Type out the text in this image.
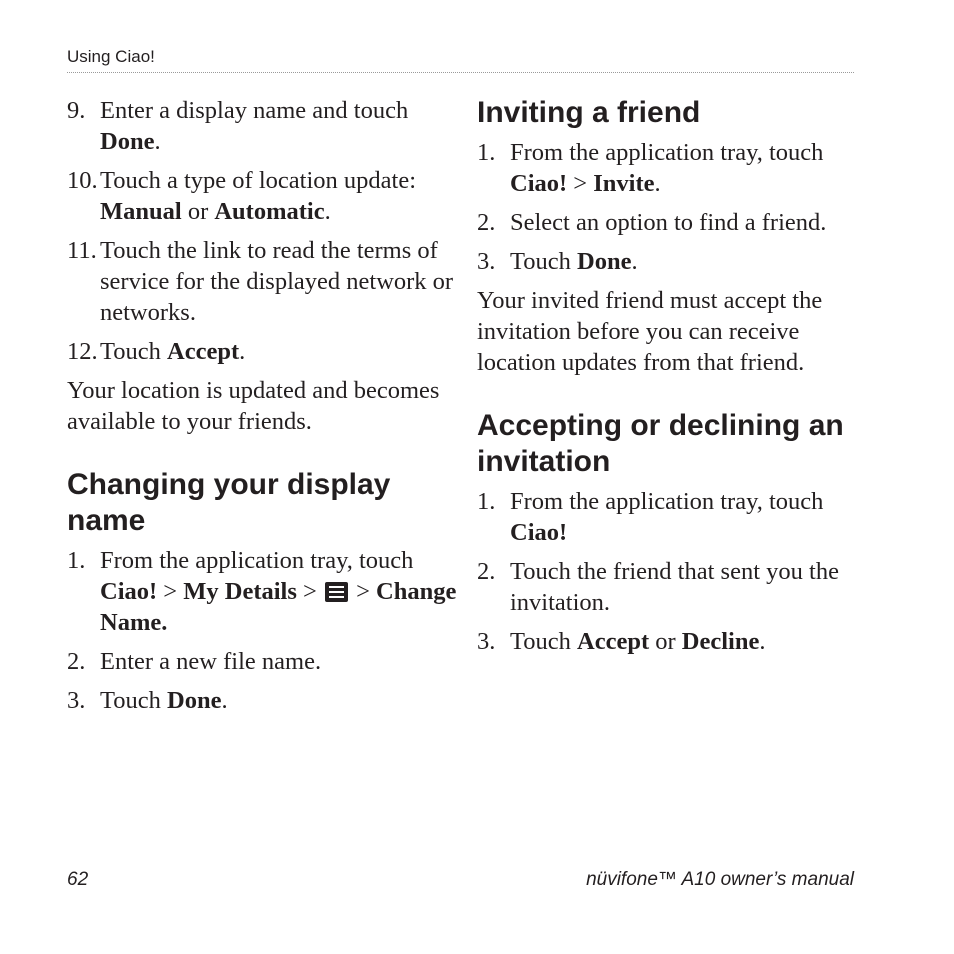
Using Ciao!
9. Enter a display name and touch Done.
10. Touch a type of location update: Manual or Automatic.
11. Touch the link to read the terms of service for the displayed network or networks.
12. Touch Accept.

Your location is updated and becomes available to your friends.

Changing your display name
1. From the application tray, touch Ciao! > My Details >
> Change Name.
2. Enter a new file name.
3. Touch Done.
Inviting a friend
1. From the application tray, touch Ciao! > Invite.
2. Select an option to find a friend.
3. Touch Done.

Your invited friend must accept the invitation before you can receive location updates from that friend.

Accepting or declining an invitation
1. From the application tray, touch Ciao!
2. Touch the friend that sent you the invitation.
3. Touch Accept or Decline.
62	nüvifone™ A10 owner’s manual
